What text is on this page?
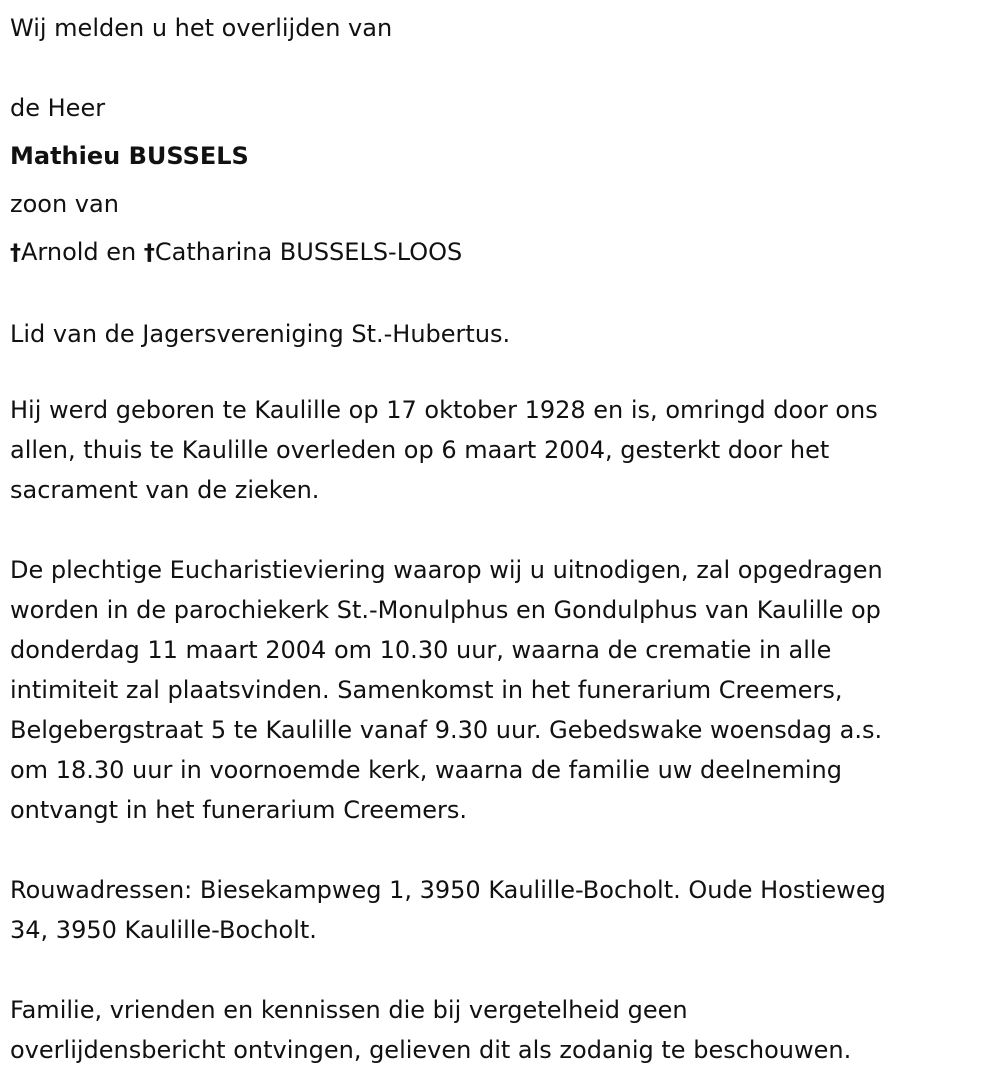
Wij melden u het overlijden van

de Heer

Mathieu BUSSELS

zoon van

†Arnold en †Catharina BUSSELS-LOOS

Lid van de Jagersvereniging St.-Hubertus.

Hij werd geboren te Kaulille op 17 oktober 1928 en is, omringd door ons

allen, thuis te Kaulille overleden op 6 maart 2004, gesterkt door het

sacrament van de zieken.

De plechtige Eucharistieviering waarop wij u uitnodigen, zal opgedragen

worden in de parochiekerk St.-Monulphus en Gondulphus van Kaulille op

donderdag 11 maart 2004 om 10.30 uur, waarna de crematie in alle

intimiteit zal plaatsvinden. Samenkomst in het funerarium Creemers,

Belgebergstraat 5 te Kaulille vanaf 9.30 uur. Gebedswake woensdag a.s.

om 18.30 uur in voornoemde kerk, waarna de familie uw deelneming

ontvangt in het funerarium Creemers.

Rouwadressen: Biesekampweg 1, 3950 Kaulille-Bocholt. Oude Hostieweg

34, 3950 Kaulille-Bocholt.

Familie, vrienden en kennissen die bij vergetelheid geen

overlijdensbericht ontvingen, gelieven dit als zodanig te beschouwen.
